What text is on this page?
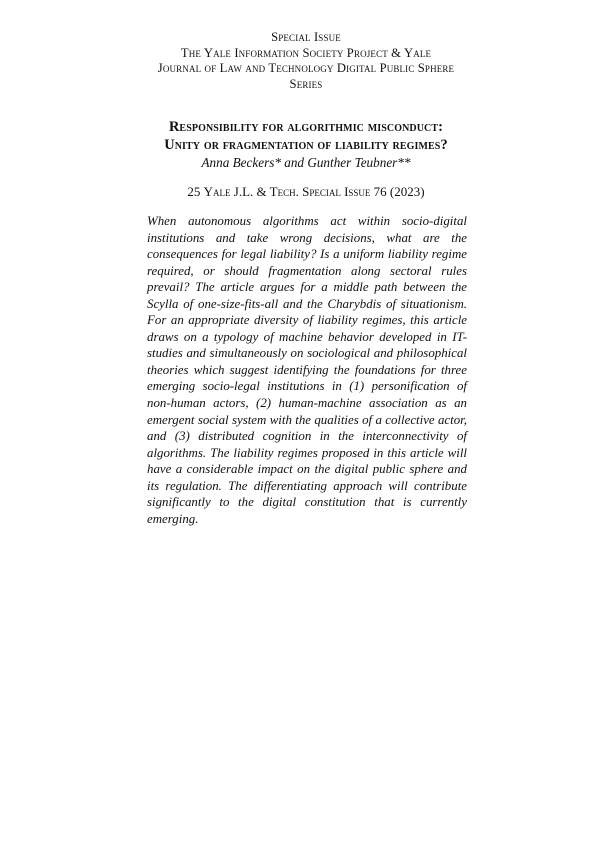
Special Issue
The Yale Information Society Project & Yale
Journal of Law and Technology Digital Public Sphere
Series
Responsibility for algorithmic misconduct:
Unity or fragmentation of liability regimes?
Anna Beckers* and Gunther Teubner**
25 Yale J.L. & Tech. Special Issue 76 (2023)

When autonomous algorithms act within socio-digital institutions and take wrong decisions, what are the consequences for legal liability? Is a uniform liability regime required, or should fragmentation along sectoral rules prevail? The article argues for a middle path between the Scylla of one-size-fits-all and the Charybdis of situationism. For an appropriate diversity of liability regimes, this article draws on a typology of machine behavior developed in IT-studies and simultaneously on sociological and philosophical theories which suggest identifying the foundations for three emerging socio-legal institutions in (1) personification of non-human actors, (2) human-machine association as an emergent social system with the qualities of a collective actor, and (3) distributed cognition in the interconnectivity of algorithms. The liability regimes proposed in this article will have a considerable impact on the digital public sphere and its regulation. The differentiating approach will contribute significantly to the digital constitution that is currently emerging.
